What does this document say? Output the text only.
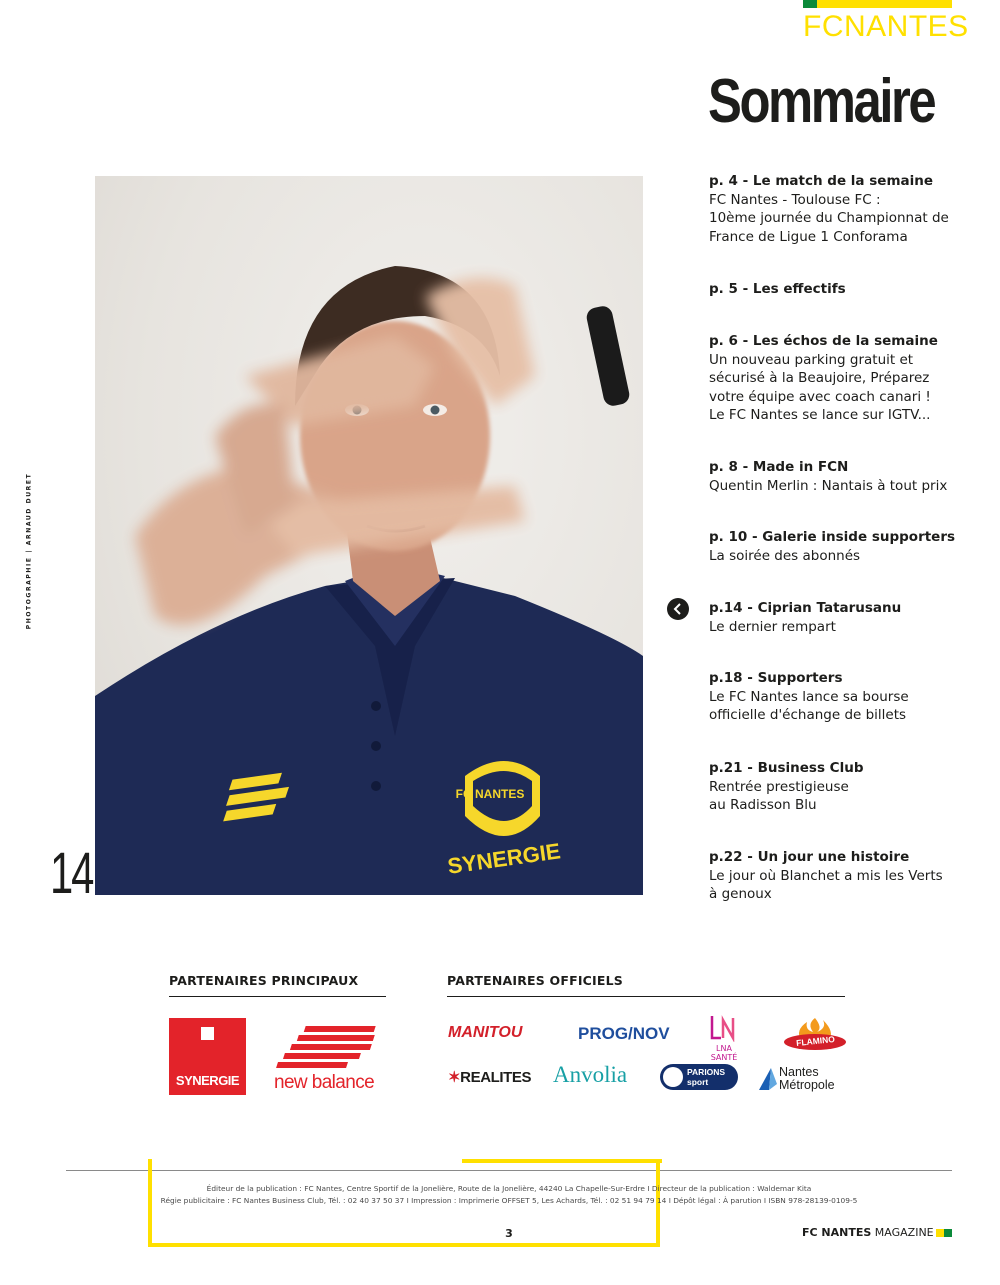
FCNANTES
Sommaire
FC NANTES
SYNERGIE
PHOTOGRAPHIE | ARNAUD DURET
14
p. 4 - Le match de la semaine
FC Nantes - Toulouse FC :
10ème journée du Championnat de
France de Ligue 1 Conforama
p. 5 - Les effectifs
p. 6 - Les échos de la semaine
Un nouveau parking gratuit et
sécurisé à la Beaujoire, Préparez
votre équipe avec coach canari !
Le FC Nantes se lance sur IGTV...
p. 8 - Made in FCN
Quentin Merlin : Nantais à tout prix
p. 10 - Galerie inside supporters
La soirée des abonnés
p.14 - Ciprian Tatarusanu
Le dernier rempart
p.18 - Supporters
Le FC Nantes lance sa bourse
officielle d'échange de billets
p.21 - Business Club
Rentrée prestigieuse
au Radisson Blu
p.22 - Un jour une histoire
Le jour où Blanchet a mis les Verts
à genoux
PARTENAIRES PRINCIPAUX	PARTENAIRES OFFICIELS
SYNERGIE	new balance
MANITOU	PROG/NOV
LNA SANTÉ
FLAMINO
✶REALITES Anvolia	PARIONS sport
Nantes Métropole
Éditeur de la publication : FC Nantes, Centre Sportif de la Jonelière, Route de la Jonelière, 44240 La Chapelle-Sur-Erdre I Directeur de la publication : Waldemar Kita
Régie publicitaire : FC Nantes Business Club, Tél. : 02 40 37 50 37 I Impression : Imprimerie OFFSET 5, Les Achards, Tél. : 02 51 94 79 14 I Dépôt légal : À parution I ISBN 978-28139-0109-5
3	FC NANTES MAGAZINE
